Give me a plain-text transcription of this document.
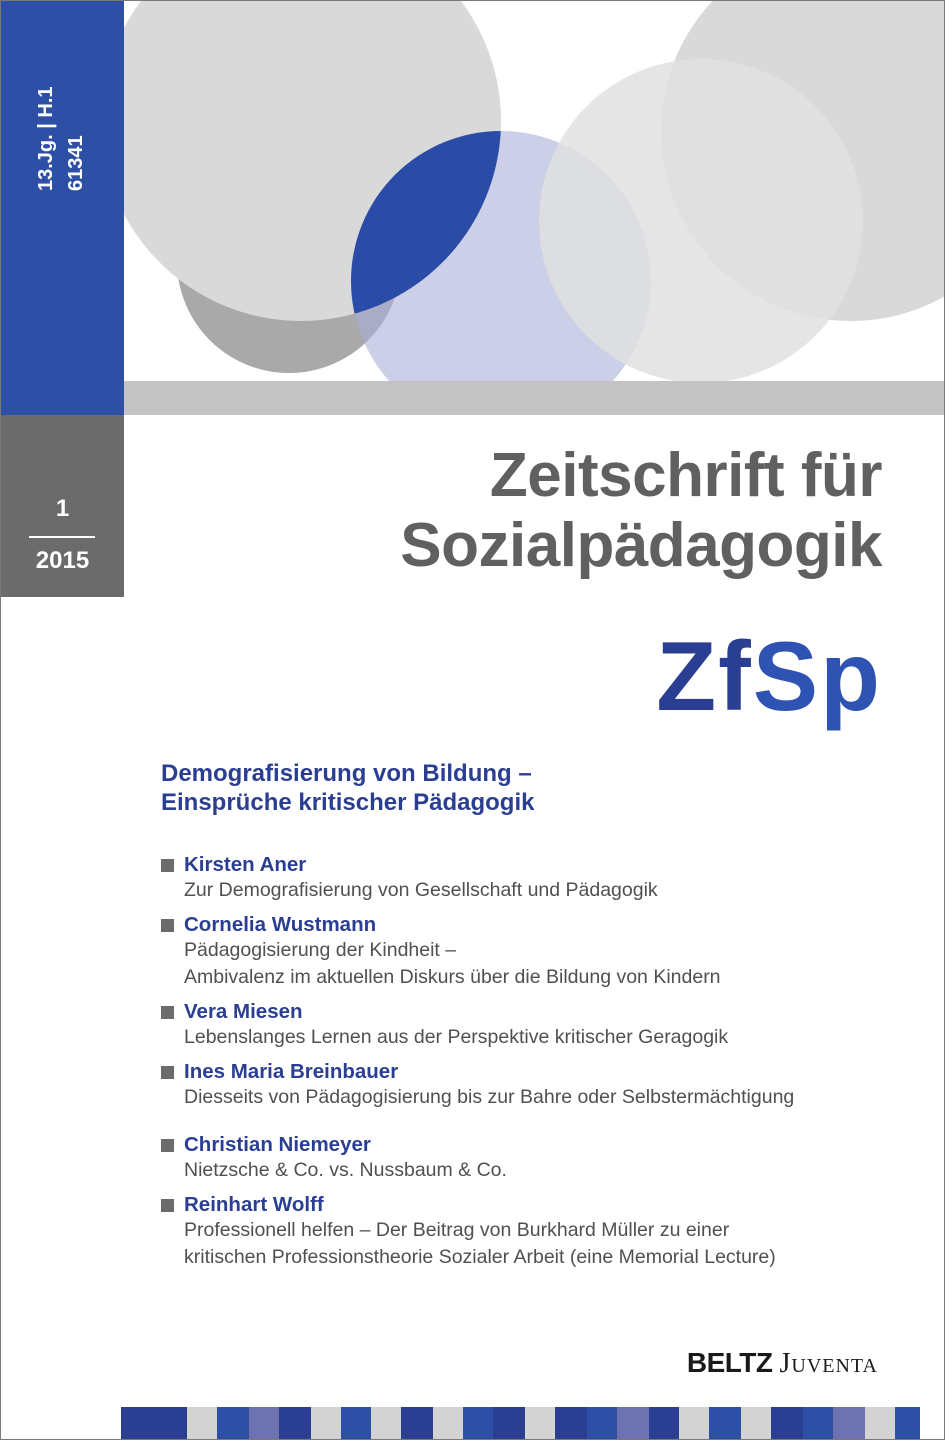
13.Jg. | H.1 61341
1
2015
Zeitschrift für
Sozialpädagogik
ZfSp
Demografisierung von Bildung –
Einsprüche kritischer Pädagogik
Kirsten Aner
Zur Demografisierung von Gesellschaft und Pädagogik
Cornelia Wustmann
Pädagogisierung der Kindheit –
Ambivalenz im aktuellen Diskurs über die Bildung von Kindern
Vera Miesen
Lebenslanges Lernen aus der Perspektive kritischer Geragogik
Ines Maria Breinbauer
Diesseits von Pädagogisierung bis zur Bahre oder Selbstermächtigung
Christian Niemeyer
Nietzsche & Co. vs. Nussbaum & Co.
Reinhart Wolff
Professionell helfen – Der Beitrag von Burkhard Müller zu einer
kritischen Professionstheorie Sozialer Arbeit (eine Memorial Lecture)
BELTZ Juventa
